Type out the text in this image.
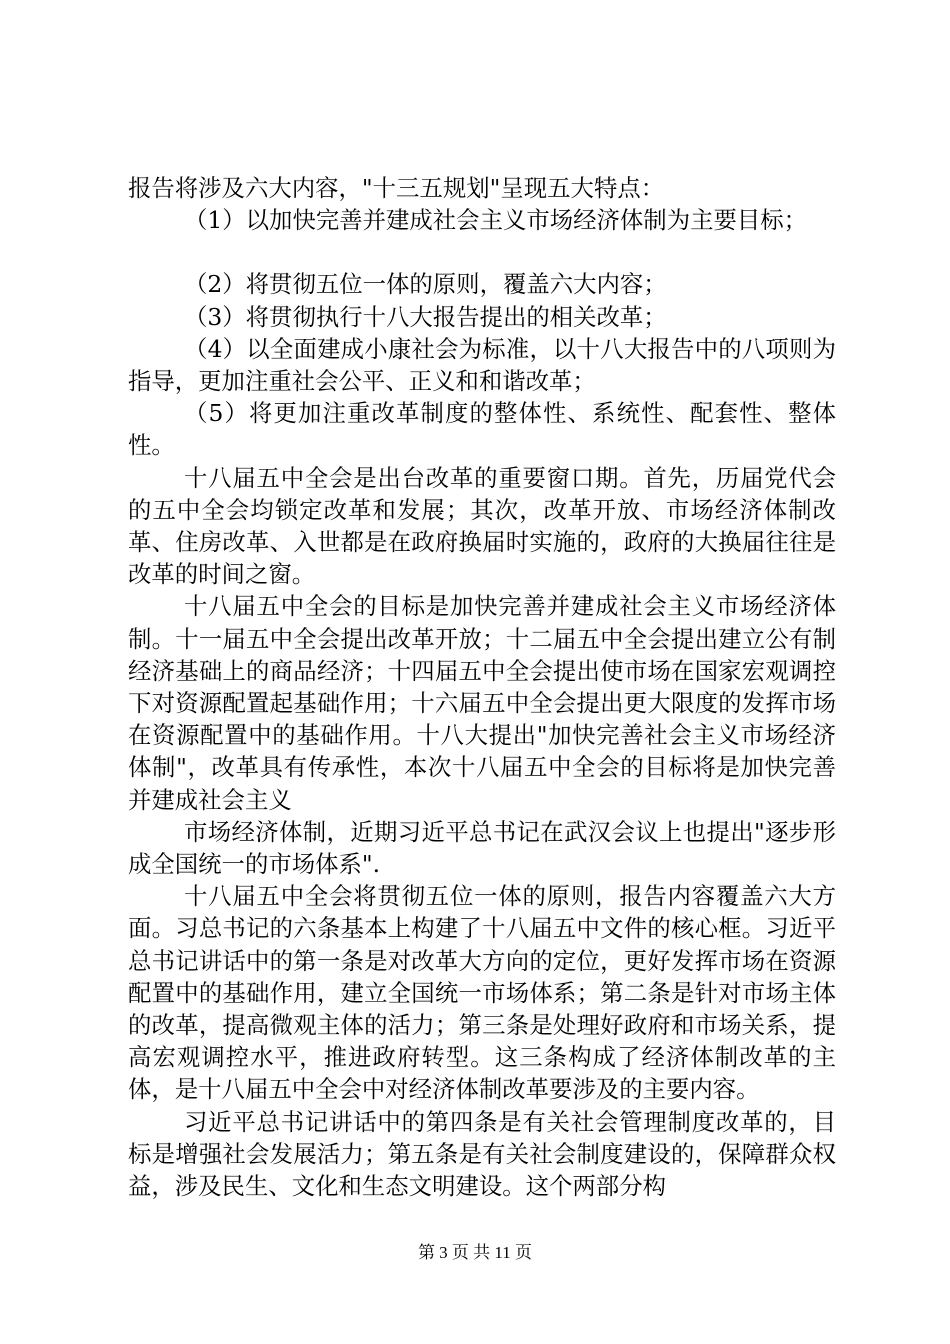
报告将涉及六大内容，"十三五规划"呈现五大特点：

（1）以加快完善并建成社会主义市场经济体制为主要目标；

（2）将贯彻五位一体的原则，覆盖六大内容；

（3）将贯彻执行十八大报告提出的相关改革；

（4）以全面建成小康社会为标准，以十八大报告中的八项则为指导，更加注重社会公平、正义和和谐改革；

（5）将更加注重改革制度的整体性、系统性、配套性、整体性。

十八届五中全会是出台改革的重要窗口期。首先，历届党代会的五中全会均锁定改革和发展；其次，改革开放、市场经济体制改革、住房改革、入世都是在政府换届时实施的，政府的大换届往往是改革的时间之窗。

十八届五中全会的目标是加快完善并建成社会主义市场经济体制。十一届五中全会提出改革开放；十二届五中全会提出建立公有制经济基础上的商品经济；十四届五中全会提出使市场在国家宏观调控下对资源配置起基础作用；十六届五中全会提出更大限度的发挥市场在资源配置中的基础作用。十八大提出"加快完善社会主义市场经济体制"，改革具有传承性，本次十八届五中全会的目标将是加快完善并建成社会主义

市场经济体制，近期习近平总书记在武汉会议上也提出"逐步形成全国统一的市场体系".

十八届五中全会将贯彻五位一体的原则，报告内容覆盖六大方面。习总书记的六条基本上构建了十八届五中文件的核心框。习近平总书记讲话中的第一条是对改革大方向的定位，更好发挥市场在资源配置中的基础作用，建立全国统一市场体系；第二条是针对市场主体的改革，提高微观主体的活力；第三条是处理好政府和市场关系，提高宏观调控水平，推进政府转型。这三条构成了经济体制改革的主体，是十八届五中全会中对经济体制改革要涉及的主要内容。

习近平总书记讲话中的第四条是有关社会管理制度改革的，目标是增强社会发展活力；第五条是有关社会制度建设的，保障群众权益，涉及民生、文化和生态文明建设。这个两部分构

第 3 页 共 11 页
